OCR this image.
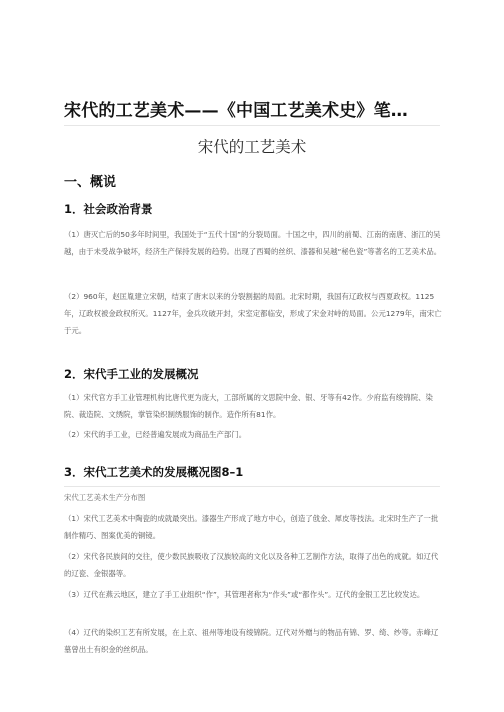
宋代的工艺美术——《中国工艺美术史》笔…
宋代的工艺美术
一、概说
1．社会政治背景
（1）唐灭亡后的50多年时间里，我国处于“五代十国”的分裂局面。十国之中，四川的前蜀、江南的南唐、浙江的吴越，由于未受战争破坏，经济生产保持发展的趋势。出现了西蜀的丝织、漆器和吴越“秘色瓷”等著名的工艺美术品。
（2）960年，赵匡胤建立宋朝，结束了唐末以来的分裂割据的局面。北宋时期，我国有辽政权与西夏政权。1125年，辽政权被金政权所灭。1127年，金兵攻破开封，宋室定都临安，形成了宋金对峙的局面。公元1279年，南宋亡于元。
2．宋代手工业的发展概况
（1）宋代官方手工业管理机构比唐代更为庞大，工部所属的文思院中金、银、牙等有42作。少府监有绫锦院、染院、裁造院、文绣院，掌管染织制绣服饰的制作。造作所有81作。
（2）宋代的手工业，已经普遍发展成为商品生产部门。
3．宋代工艺美术的发展概况图8–1
宋代工艺美术生产分布图
（1）宋代工艺美术中陶瓷的成就最突出。漆器生产形成了地方中心，创造了戗金、犀皮等技法。北宋时生产了一批制作精巧、图案优美的铜镜。
（2）宋代各民族间的交往，使少数民族吸收了汉族较高的文化以及各种工艺制作方法，取得了出色的成就。如辽代的辽瓷、金银器等。
（3）辽代在燕云地区，建立了手工业组织“作”，其管理者称为“作头”或“都作头”。辽代的金银工艺比较发达。
（4）辽代的染织工艺有所发展，在上京、祖州等地设有绫锦院。辽代对外赠与的物品有锦、罗、绮、纱等。赤峰辽墓曾出土有织金的丝织品。
